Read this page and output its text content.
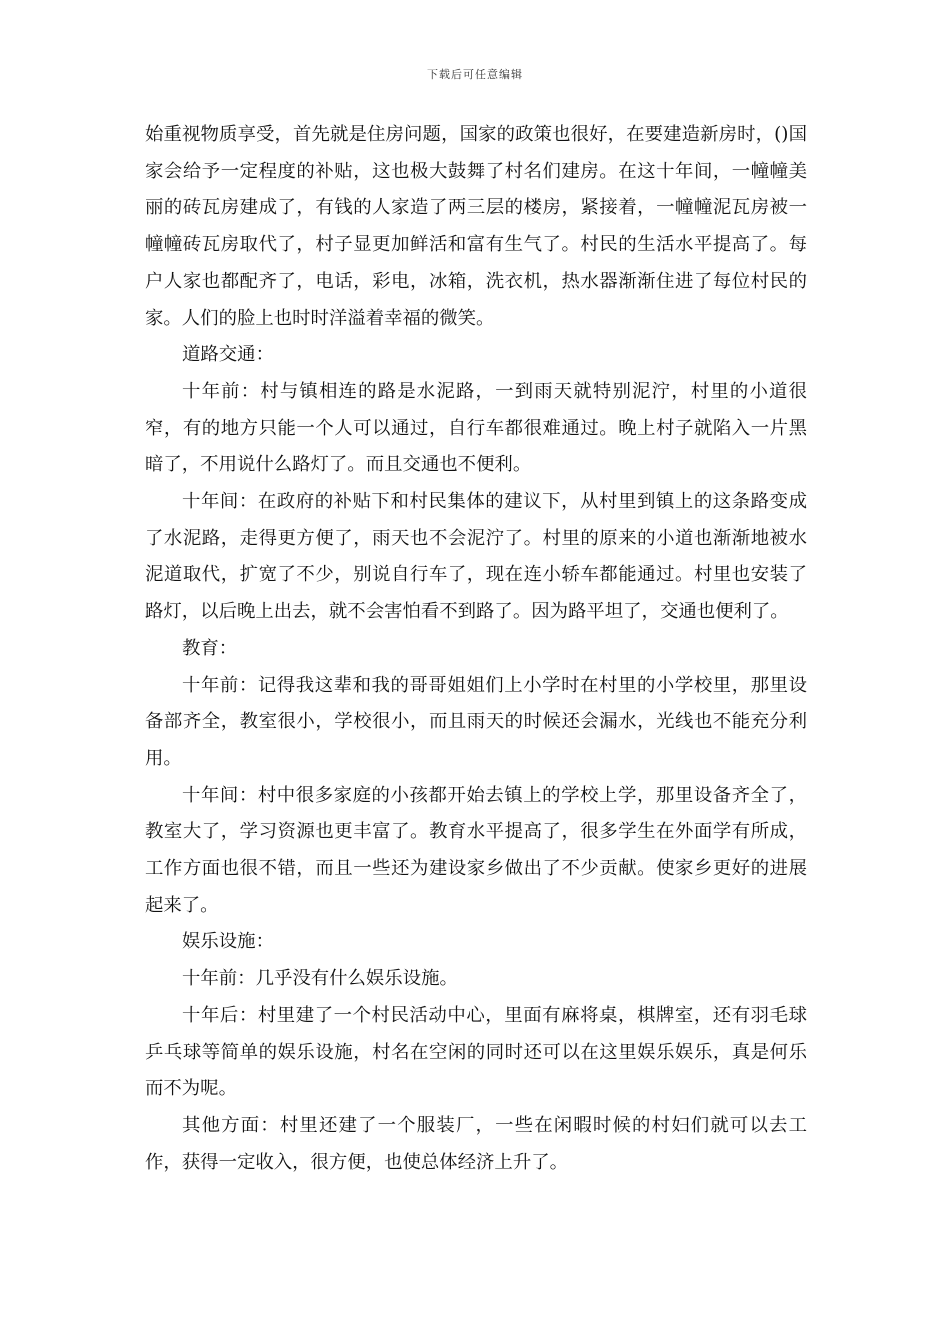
下载后可任意编辑

始重视物质享受，首先就是住房问题，国家的政策也很好，在要建造新房时，()国家会给予一定程度的补贴，这也极大鼓舞了村名们建房。在这十年间，一幢幢美丽的砖瓦房建成了，有钱的人家造了两三层的楼房，紧接着，一幢幢泥瓦房被一幢幢砖瓦房取代了，村子显更加鲜活和富有生气了。村民的生活水平提高了。每户人家也都配齐了，电话，彩电，冰箱，洗衣机，热水器渐渐住进了每位村民的家。人们的脸上也时时洋溢着幸福的微笑。

道路交通：

十年前：村与镇相连的路是水泥路，一到雨天就特别泥泞，村里的小道很窄，有的地方只能一个人可以通过，自行车都很难通过。晚上村子就陷入一片黑暗了，不用说什么路灯了。而且交通也不便利。

十年间：在政府的补贴下和村民集体的建议下，从村里到镇上的这条路变成了水泥路，走得更方便了，雨天也不会泥泞了。村里的原来的小道也渐渐地被水泥道取代，扩宽了不少，别说自行车了，现在连小轿车都能通过。村里也安装了路灯，以后晚上出去，就不会害怕看不到路了。因为路平坦了，交通也便利了。

教育：

十年前：记得我这辈和我的哥哥姐姐们上小学时在村里的小学校里，那里设备部齐全，教室很小，学校很小，而且雨天的时候还会漏水，光线也不能充分利用。

十年间：村中很多家庭的小孩都开始去镇上的学校上学，那里设备齐全了，教室大了，学习资源也更丰富了。教育水平提高了，很多学生在外面学有所成，工作方面也很不错，而且一些还为建设家乡做出了不少贡献。使家乡更好的进展起来了。

娱乐设施：

十年前：几乎没有什么娱乐设施。

十年后：村里建了一个村民活动中心，里面有麻将桌，棋牌室，还有羽毛球乒乓球等简单的娱乐设施，村名在空闲的同时还可以在这里娱乐娱乐，真是何乐而不为呢。

其他方面：村里还建了一个服装厂，一些在闲暇时候的村妇们就可以去工作，获得一定收入，很方便，也使总体经济上升了。
